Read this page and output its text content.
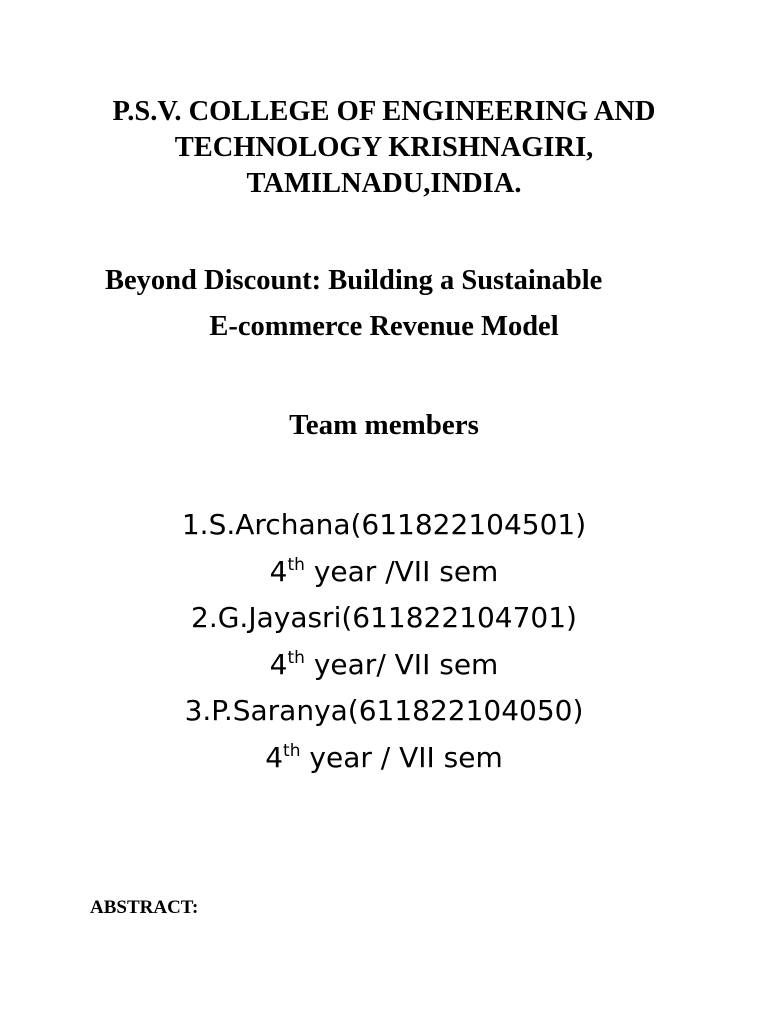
P.S.V. COLLEGE OF ENGINEERING AND
TECHNOLOGY KRISHNAGIRI,
TAMILNADU,INDIA.
Beyond Discount: Building a Sustainable
E-commerce Revenue Model
Team members
1.S.Archana(611822104501)
4th year /VII sem
2.G.Jayasri(611822104701)
4th year/ VII sem
3.P.Saranya(611822104050)
4th year / VII sem
ABSTRACT:
